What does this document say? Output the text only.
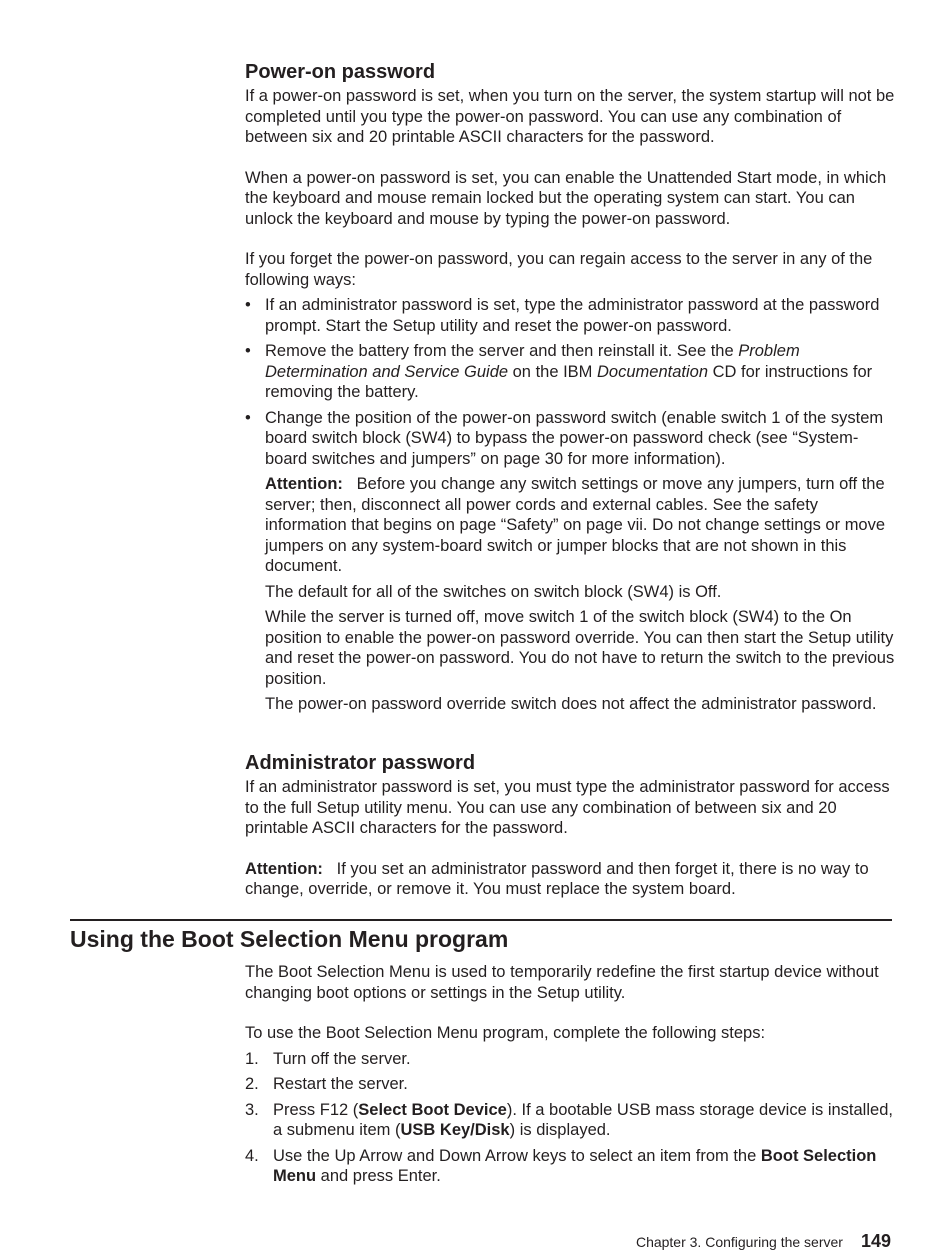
Power-on password

If a power-on password is set, when you turn on the server, the system startup will not be completed until you type the power-on password. You can use any combination of between six and 20 printable ASCII characters for the password.

When a power-on password is set, you can enable the Unattended Start mode, in which the keyboard and mouse remain locked but the operating system can start. You can unlock the keyboard and mouse by typing the power-on password.

If you forget the power-on password, you can regain access to the server in any of the following ways:

• If an administrator password is set, type the administrator password at the password prompt. Start the Setup utility and reset the power-on password.
• Remove the battery from the server and then reinstall it. See the Problem Determination and Service Guide on the IBM Documentation CD for instructions for removing the battery.
• Change the position of the power-on password switch (enable switch 1 of the system board switch block (SW4) to bypass the power-on password check (see “System-board switches and jumpers” on page 30 for more information).

Attention: Before you change any switch settings or move any jumpers, turn off the server; then, disconnect all power cords and external cables. See the safety information that begins on page “Safety” on page vii. Do not change settings or move jumpers on any system-board switch or jumper blocks that are not shown in this document.

The default for all of the switches on switch block (SW4) is Off.

While the server is turned off, move switch 1 of the switch block (SW4) to the On position to enable the power-on password override. You can then start the Setup utility and reset the power-on password. You do not have to return the switch to the previous position.

The power-on password override switch does not affect the administrator password.

Administrator password

If an administrator password is set, you must type the administrator password for access to the full Setup utility menu. You can use any combination of between six and 20 printable ASCII characters for the password.

Attention: If you set an administrator password and then forget it, there is no way to change, override, or remove it. You must replace the system board.

Using the Boot Selection Menu program

The Boot Selection Menu is used to temporarily redefine the first startup device without changing boot options or settings in the Setup utility.

To use the Boot Selection Menu program, complete the following steps:

1. Turn off the server.
2. Restart the server.
3. Press F12 (Select Boot Device). If a bootable USB mass storage device is installed, a submenu item (USB Key/Disk) is displayed.
4. Use the Up Arrow and Down Arrow keys to select an item from the Boot Selection Menu and press Enter.
Chapter 3. Configuring the server 149
